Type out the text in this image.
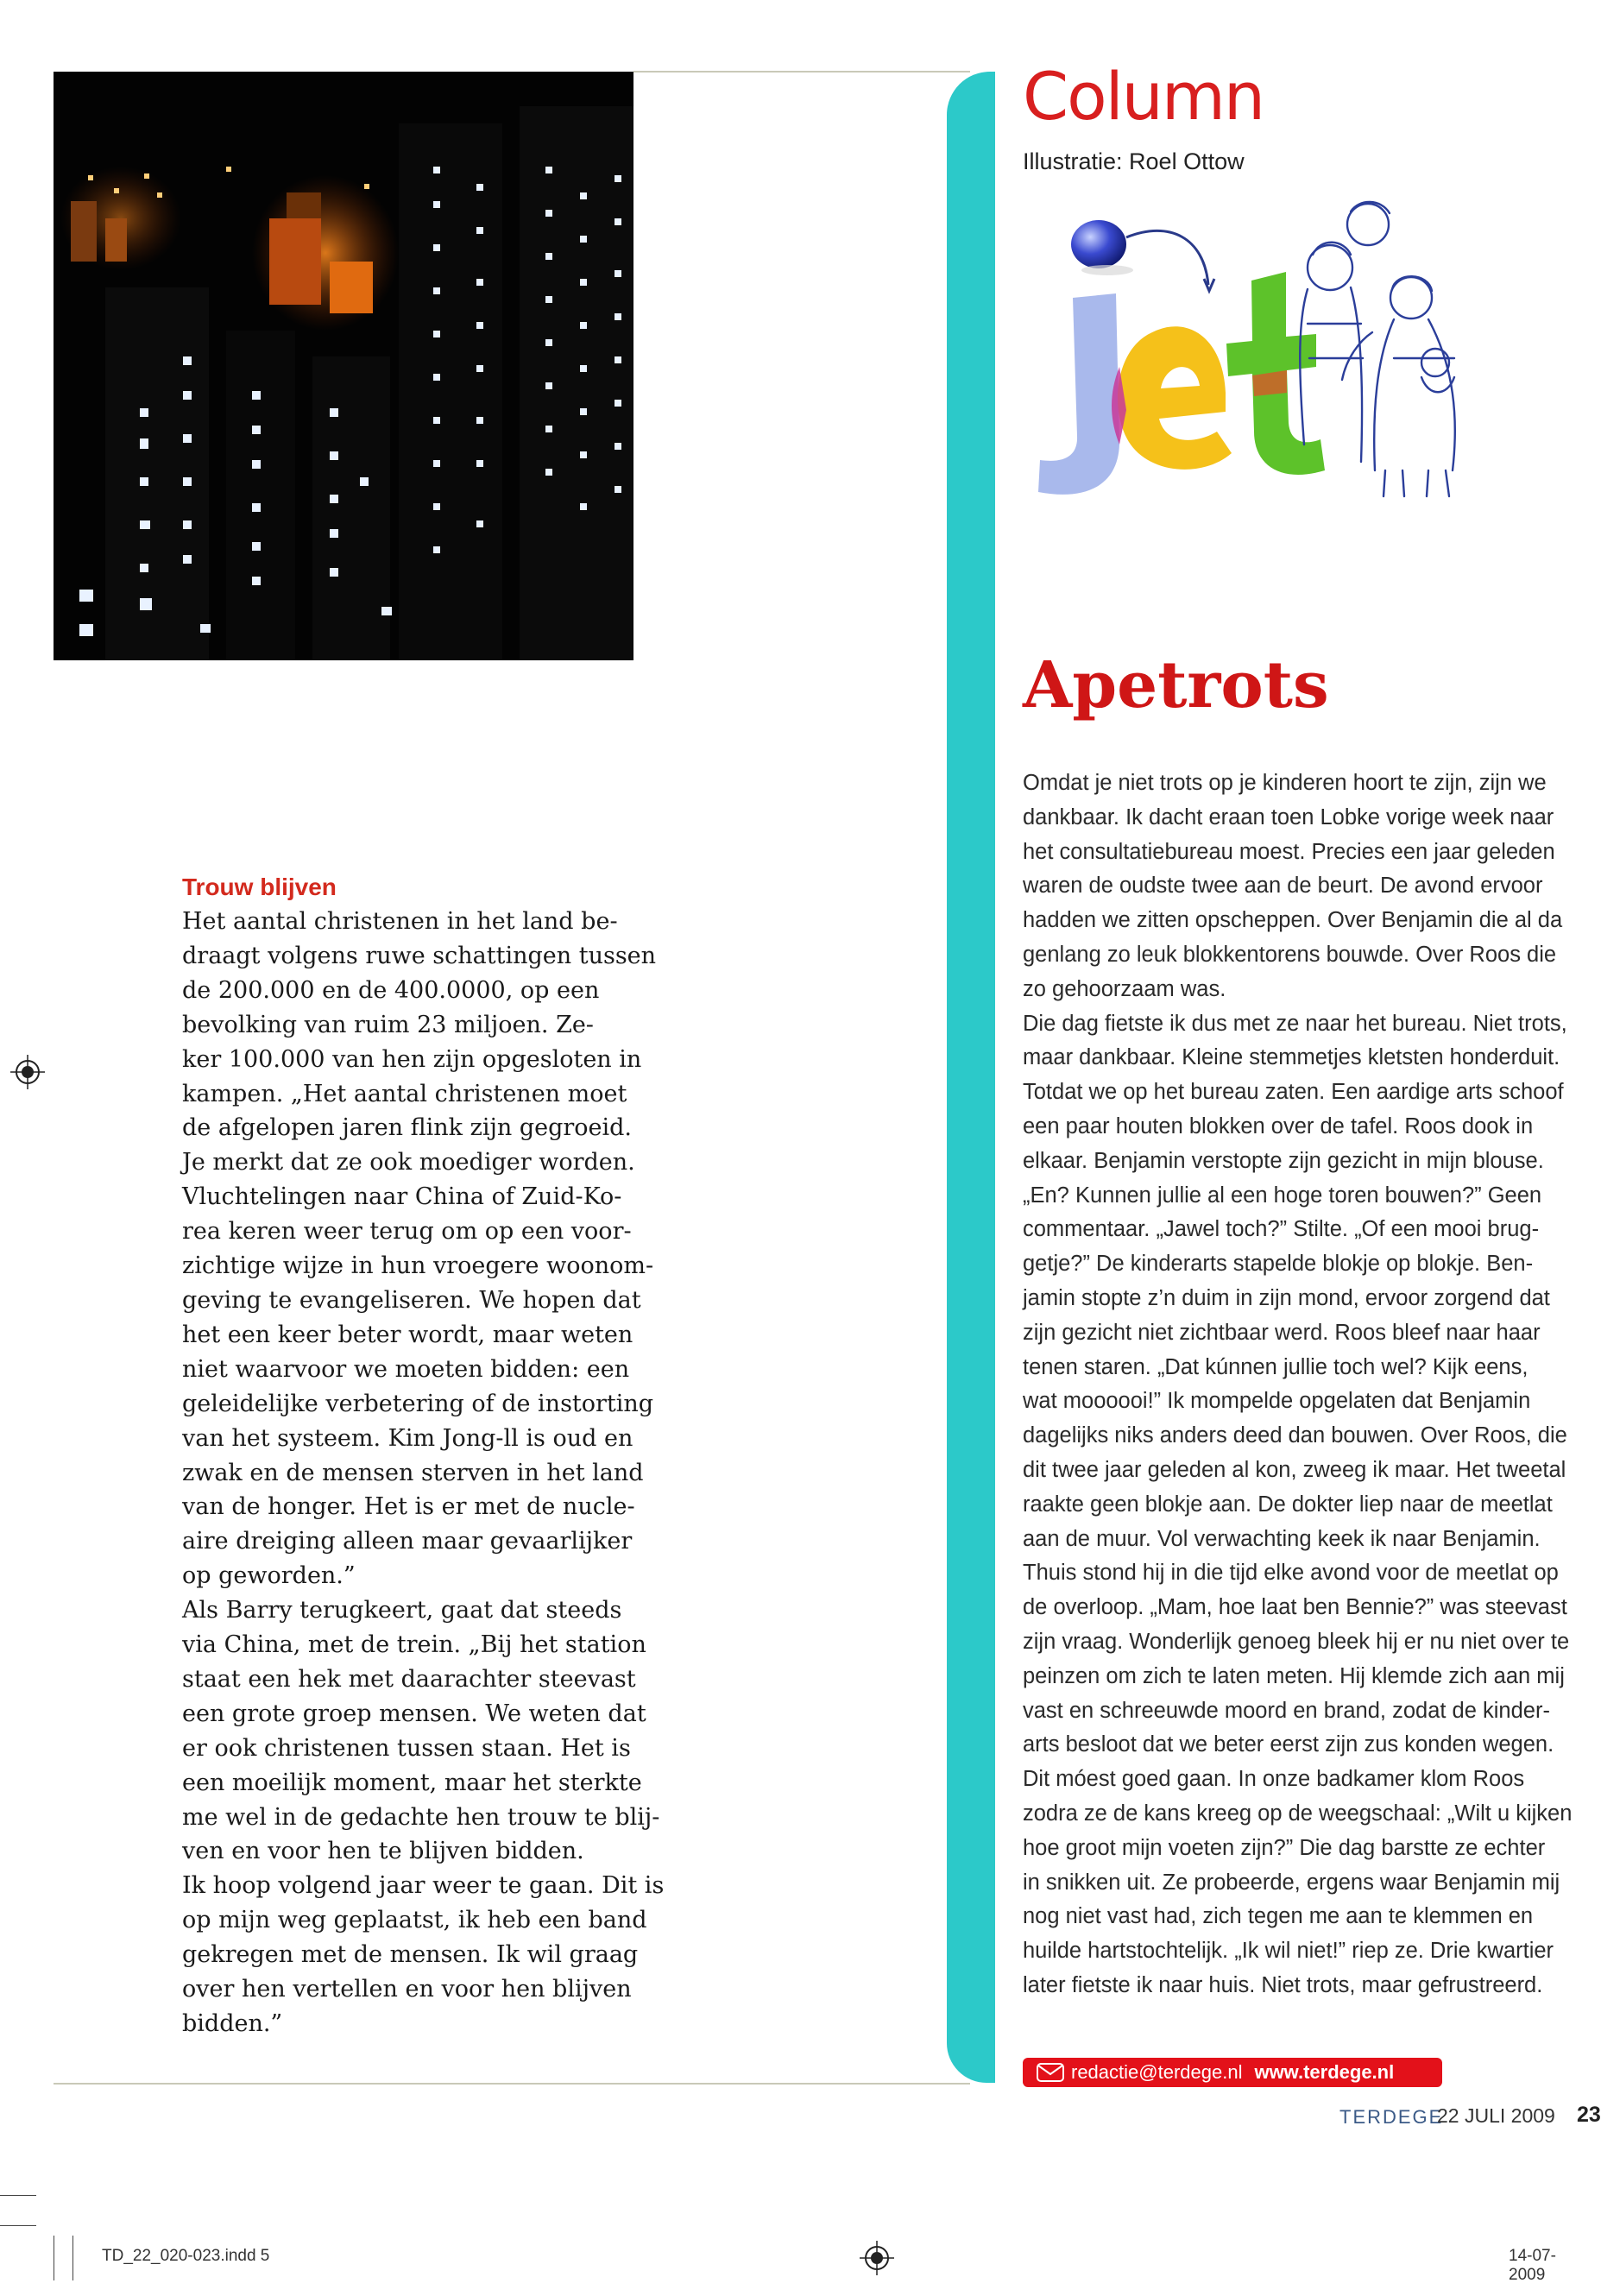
Trouw blijven

Het aantal christenen in het land be-
draagt volgens ruwe schattingen tussen
de 200.000 en de 400.0000, op een
bevolking van ruim 23 miljoen. Ze-
ker 100.000 van hen zijn opgesloten in
kampen. „Het aantal christenen moet
de afgelopen jaren flink zijn gegroeid.
Je merkt dat ze ook moediger worden.
Vluchtelingen naar China of Zuid-Ko-
rea keren weer terug om op een voor-
zichtige wijze in hun vroegere woonom-
geving te evangeliseren. We hopen dat
het een keer beter wordt, maar weten
niet waarvoor we moeten bidden: een
geleidelijke verbetering of de instorting
van het systeem. Kim Jong-ll is oud en
zwak en de mensen sterven in het land
van de honger. Het is er met de nucle-
aire dreiging alleen maar gevaarlijker
op geworden.”
Als Barry terugkeert, gaat dat steeds
via China, met de trein. „Bij het station
staat een hek met daarachter steevast
een grote groep mensen. We weten dat
er ook christenen tussen staan. Het is
een moeilijk moment, maar het sterkte
me wel in de gedachte hen trouw te blij-
ven en voor hen te blijven bidden.
Ik hoop volgend jaar weer te gaan. Dit is
op mijn weg geplaatst, ik heb een band
gekregen met de mensen. Ik wil graag
over hen vertellen en voor hen blijven
bidden.”

Column
Illustratie: Roel Ottow
Apetrots

Omdat je niet trots op je kinderen hoort te zijn, zijn we
dankbaar. Ik dacht eraan toen Lobke vorige week naar
het consultatiebureau moest. Precies een jaar geleden
waren de oudste twee aan de beurt. De avond ervoor
hadden we zitten opscheppen. Over Benjamin die al da
genlang zo leuk blokkentorens bouwde. Over Roos die
zo gehoorzaam was.
Die dag fietste ik dus met ze naar het bureau. Niet trots,
maar dankbaar. Kleine stemmetjes kletsten honderduit.
Totdat we op het bureau zaten. Een aardige arts schoof
een paar houten blokken over de tafel. Roos dook in
elkaar. Benjamin verstopte zijn gezicht in mijn blouse.
„En? Kunnen jullie al een hoge toren bouwen?” Geen
commentaar. „Jawel toch?” Stilte. „Of een mooi brug-
getje?” De kinderarts stapelde blokje op blokje. Ben-
jamin stopte z’n duim in zijn mond, ervoor zorgend dat
zijn gezicht niet zichtbaar werd. Roos bleef naar haar
tenen staren. „Dat kúnnen jullie toch wel? Kijk eens,
wat moooooi!” Ik mompelde opgelaten dat Benjamin
dagelijks niks anders deed dan bouwen. Over Roos, die
dit twee jaar geleden al kon, zweeg ik maar. Het tweetal
raakte geen blokje aan. De dokter liep naar de meetlat
aan de muur. Vol verwachting keek ik naar Benjamin.
Thuis stond hij in die tijd elke avond voor de meetlat op
de overloop. „Mam, hoe laat ben Bennie?” was steevast
zijn vraag. Wonderlijk genoeg bleek hij er nu niet over te
peinzen om zich te laten meten. Hij klemde zich aan mij
vast en schreeuwde moord en brand, zodat de kinder-
arts besloot dat we beter eerst zijn zus konden wegen.
Dit móest goed gaan. In onze badkamer klom Roos
zodra ze de kans kreeg op de weegschaal: „Wilt u kijken
hoe groot mijn voeten zijn?” Die dag barstte ze echter
in snikken uit. Ze probeerde, ergens waar Benjamin mij
nog niet vast had, zich tegen me aan te klemmen en
huilde hartstochtelijk. „Ik wil niet!” riep ze. Drie kwartier
later fietste ik naar huis. Niet trots, maar gefrustreerd.

redactie@terdege.nl www.terdege.nl
TERDEGE
22 JULI 2009 23
TD_22_020-023.indd 5	14-07-2009
